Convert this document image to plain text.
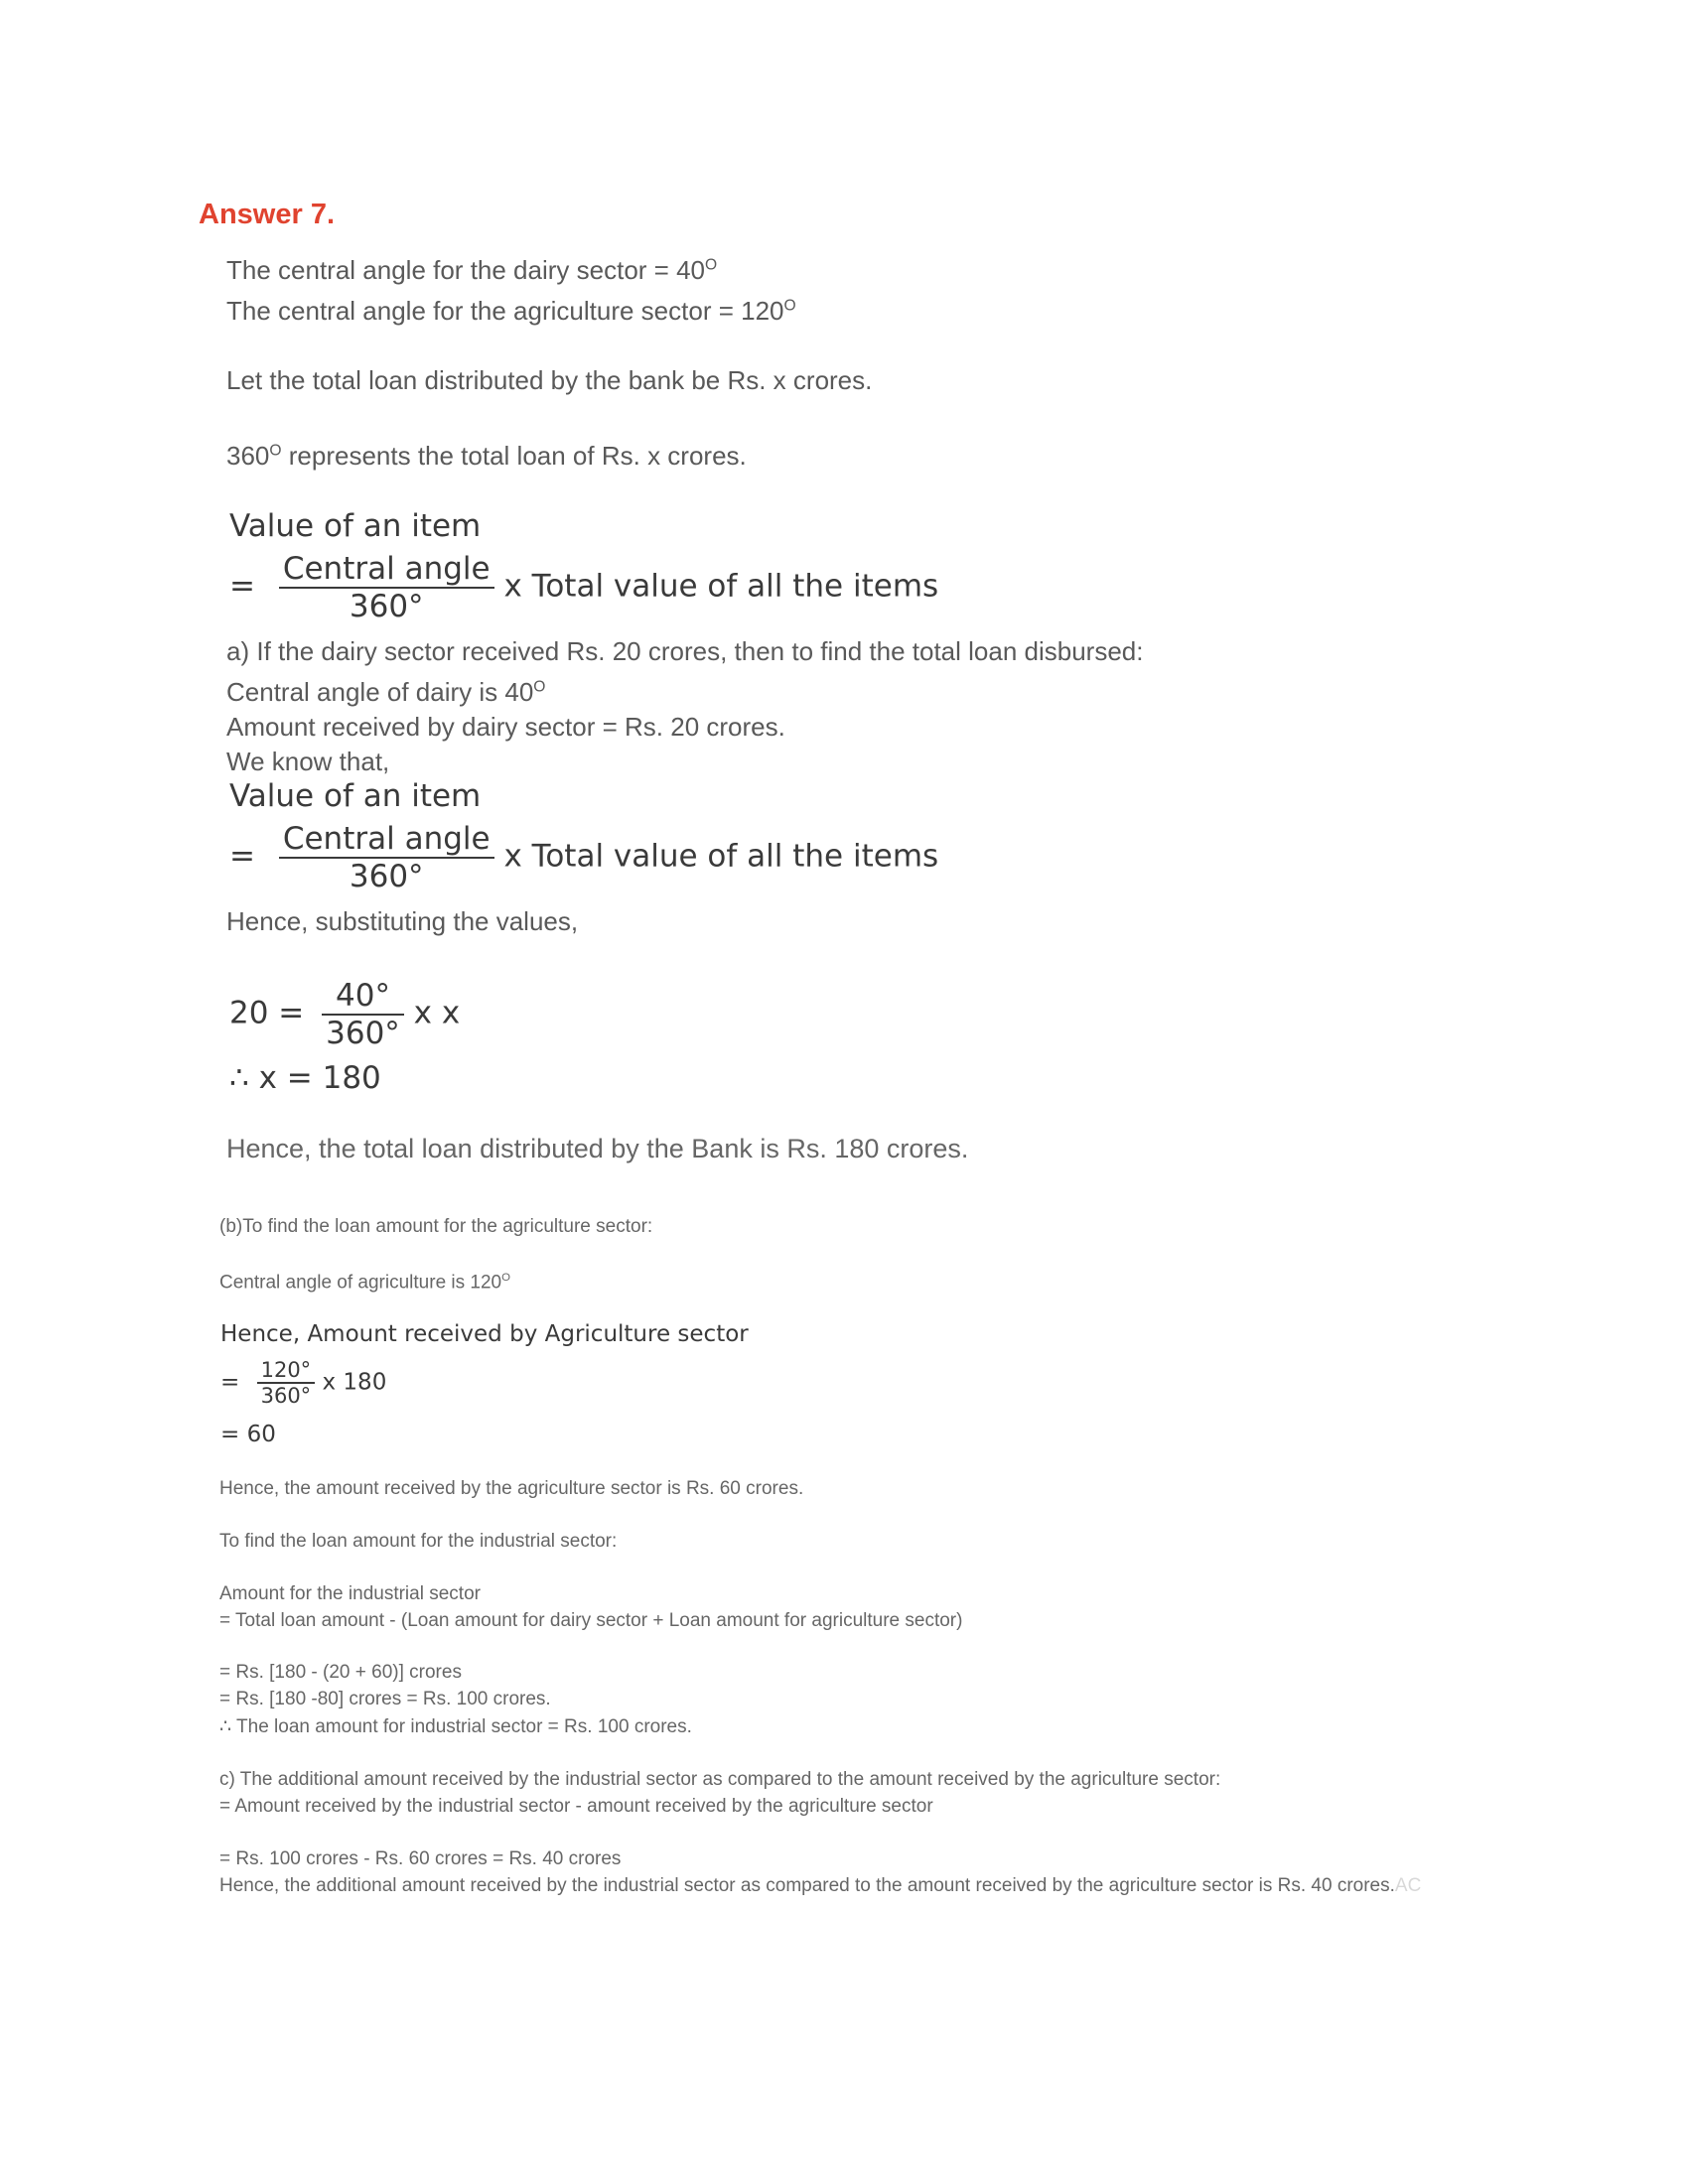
Answer 7.
The central angle for the dairy sector = $40^O$
The central angle for the agriculture sector = $120^O$
Let the total loan distributed by the bank be Rs. x crores.
$360^O$ represents the total loan of Rs. x crores.
Value of an item
= $\frac{\text{Central angle}}{360^\circ}$ x Total value of all the items
a) If the dairy sector received Rs. 20 crores, then to find the total loan disbursed:
Central angle of dairy is $40^O$
Amount received by dairy sector = Rs. 20 crores.
We know that,
Value of an item
= $\frac{\text{Central angle}}{360^\circ}$ x Total value of all the items
Hence, substituting the values,
$20 = \frac{40^\circ}{360^\circ}$ x x
∴ x = 180
Hence, the total loan distributed by the Bank is Rs. 180 crores.
(b)To find the loan amount for the agriculture sector:
Central angle of agriculture is $120^O$
Hence, Amount received by Agriculture sector
= $\frac{120^\circ}{360^\circ}$ x 180
= 60
Hence, the amount received by the agriculture sector is Rs. 60 crores.
To find the loan amount for the industrial sector:
Amount for the industrial sector
= Total loan amount - (Loan amount for dairy sector + Loan amount for agriculture sector)
= Rs. [180 - (20 + 60)] crores
= Rs. [180 -80] crores = Rs. 100 crores.
∴ The loan amount for industrial sector = Rs. 100 crores.
c) The additional amount received by the industrial sector as compared to the amount received by the agriculture sector:
= Amount received by the industrial sector - amount received by the agriculture sector
= Rs. 100 crores - Rs. 60 crores = Rs. 40 crores
Hence, the additional amount received by the industrial sector as compared to the amount received by the agriculture sector is Rs. 40 crores.AC
